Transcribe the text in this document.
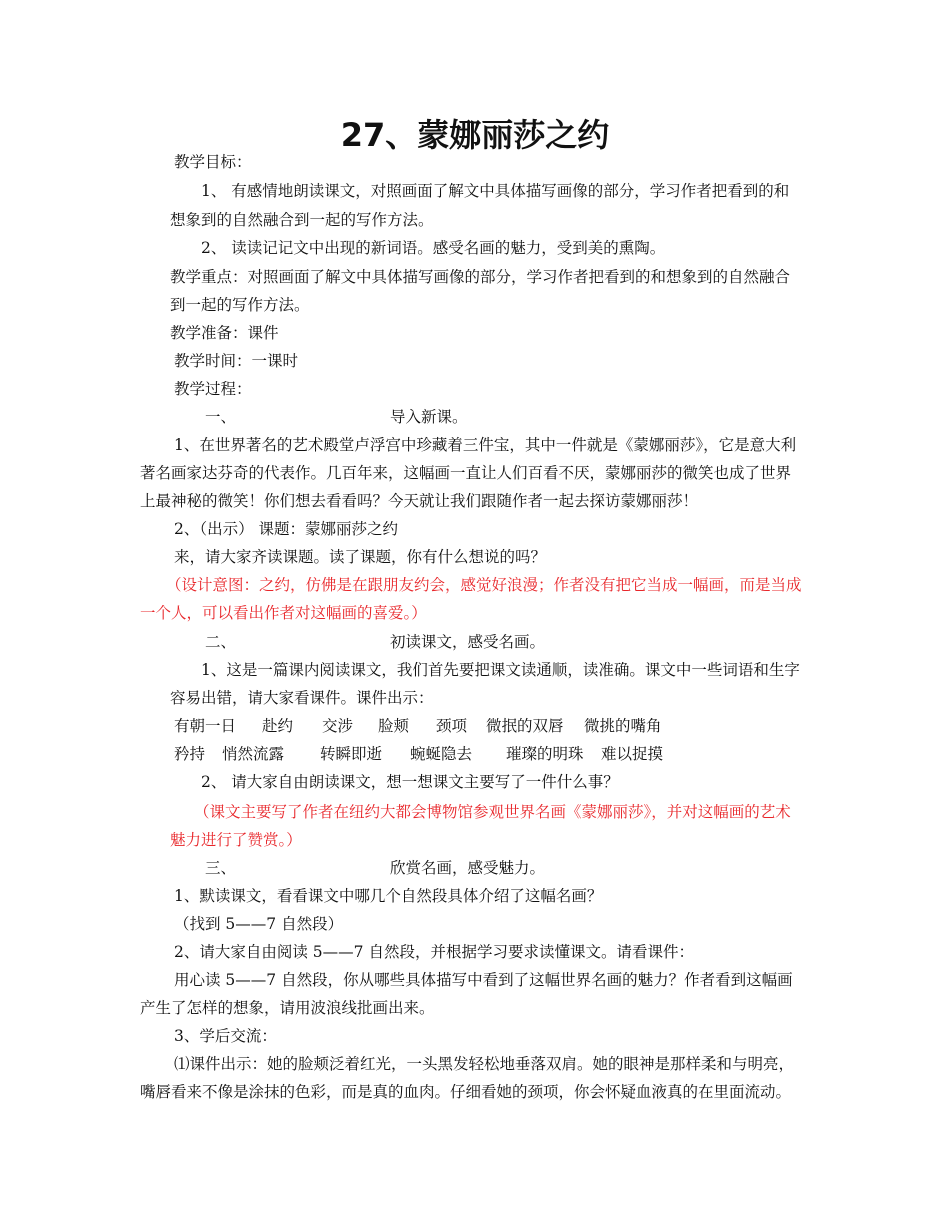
27、蒙娜丽莎之约
教学目标：
1、 有感情地朗读课文，对照画面了解文中具体描写画像的部分，学习作者把看到的和
想象到的自然融合到一起的写作方法。
2、 读读记记文中出现的新词语。感受名画的魅力，受到美的熏陶。
教学重点：对照画面了解文中具体描写画像的部分，学习作者把看到的和想象到的自然融合
到一起的写作方法。
教学准备：课件
教学时间：一课时
教学过程：
一、	导入新课。
1、在世界著名的艺术殿堂卢浮宫中珍藏着三件宝，其中一件就是《蒙娜丽莎》，它是意大利
著名画家达芬奇的代表作。几百年来，这幅画一直让人们百看不厌，蒙娜丽莎的微笑也成了世界
上最神秘的微笑！你们想去看看吗？今天就让我们跟随作者一起去探访蒙娜丽莎！
2、（出示） 课题：蒙娜丽莎之约
来，请大家齐读课题。读了课题，你有什么想说的吗？
（设计意图：之约，仿佛是在跟朋友约会，感觉好浪漫；作者没有把它当成一幅画，而是当成
一个人，可以看出作者对这幅画的喜爱。）
二、	初读课文，感受名画。
1、这是一篇课内阅读课文，我们首先要把课文读通顺，读准确。课文中一些词语和生字
容易出错，请大家看课件。课件出示：
有朝一日 赴约 交涉 脸颊 颈项 微抿的双唇 微挑的嘴角
矜持 悄然流露 转瞬即逝 蜿蜒隐去 璀璨的明珠 难以捉摸
2、 请大家自由朗读课文，想一想课文主要写了一件什么事？
（课文主要写了作者在纽约大都会博物馆参观世界名画《蒙娜丽莎》，并对这幅画的艺术
魅力进行了赞赏。）
三、	欣赏名画，感受魅力。
1、默读课文，看看课文中哪几个自然段具体介绍了这幅名画？
（找到 5——7 自然段）
2、请大家自由阅读 5——7 自然段，并根据学习要求读懂课文。请看课件：
用心读 5——7 自然段，你从哪些具体描写中看到了这幅世界名画的魅力？作者看到这幅画
产生了怎样的想象，请用波浪线批画出来。
3、学后交流：
⑴课件出示：她的脸颊泛着红光，一头黑发轻松地垂落双肩。她的眼神是那样柔和与明亮，
嘴唇看来不像是涂抹的色彩，而是真的血肉。仔细看她的颈项，你会怀疑血液真的在里面流动。
